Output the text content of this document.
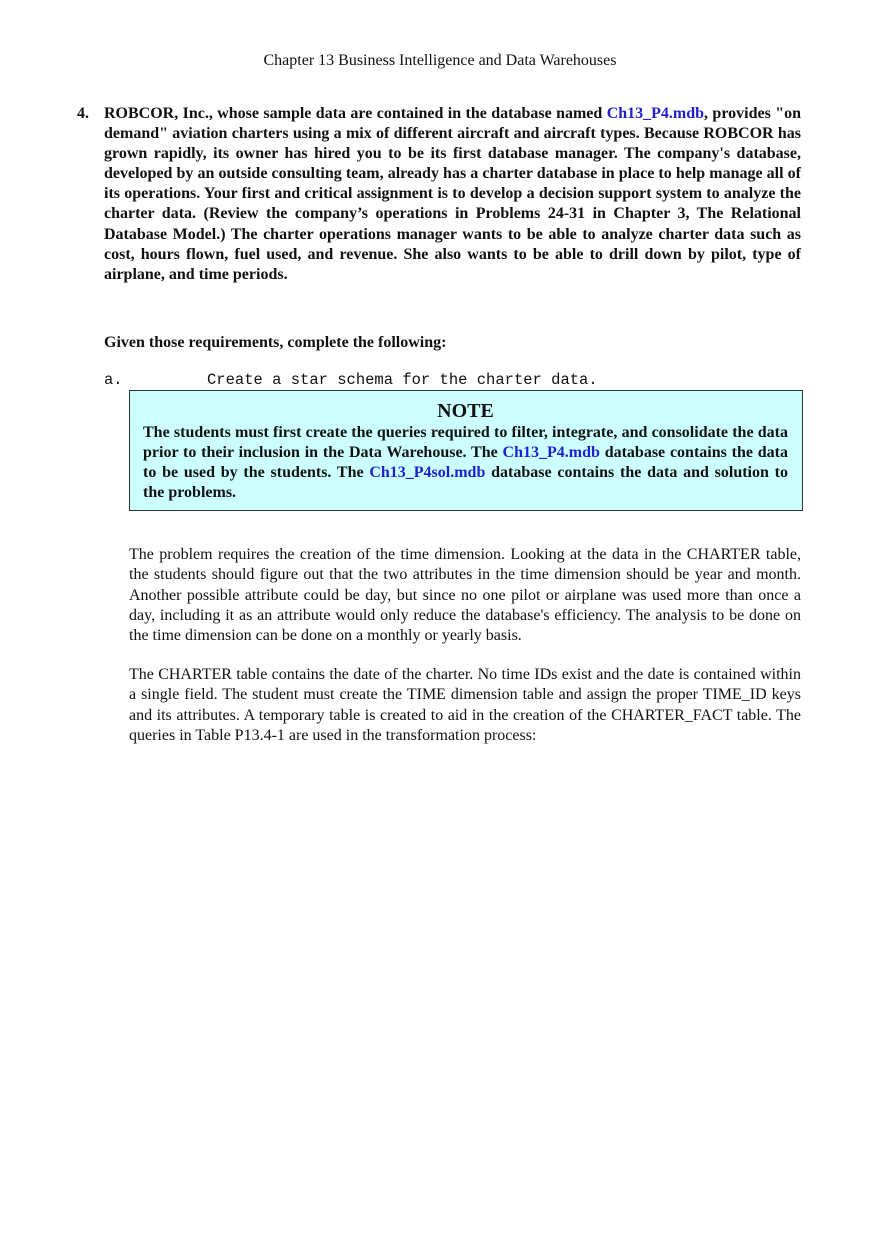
Chapter 13 Business Intelligence and Data Warehouses
4. ROBCOR, Inc., whose sample data are contained in the database named Ch13_P4.mdb, provides "on demand" aviation charters using a mix of different aircraft and aircraft types. Because ROBCOR has grown rapidly, its owner has hired you to be its first database manager. The company's database, developed by an outside consulting team, already has a charter database in place to help manage all of its operations. Your first and critical assignment is to develop a decision support system to analyze the charter data. (Review the company’s operations in Problems 24-31 in Chapter 3, The Relational Database Model.) The charter operations manager wants to be able to analyze charter data such as cost, hours flown, fuel used, and revenue. She also wants to be able to drill down by pilot, type of airplane, and time periods.
Given those requirements, complete the following:
a.	Create a star schema for the charter data.
NOTE
The students must first create the queries required to filter, integrate, and consolidate the data prior to their inclusion in the Data Warehouse. The Ch13_P4.mdb database contains the data to be used by the students. The Ch13_P4sol.mdb database contains the data and solution to the problems.
The problem requires the creation of the time dimension. Looking at the data in the CHARTER table, the students should figure out that the two attributes in the time dimension should be year and month. Another possible attribute could be day, but since no one pilot or airplane was used more than once a day, including it as an attribute would only reduce the database's efficiency. The analysis to be done on the time dimension can be done on a monthly or yearly basis.
The CHARTER table contains the date of the charter. No time IDs exist and the date is contained within a single field. The student must create the TIME dimension table and assign the proper TIME_ID keys and its attributes. A temporary table is created to aid in the creation of the CHARTER_FACT table. The queries in Table P13.4-1 are used in the transformation process:
